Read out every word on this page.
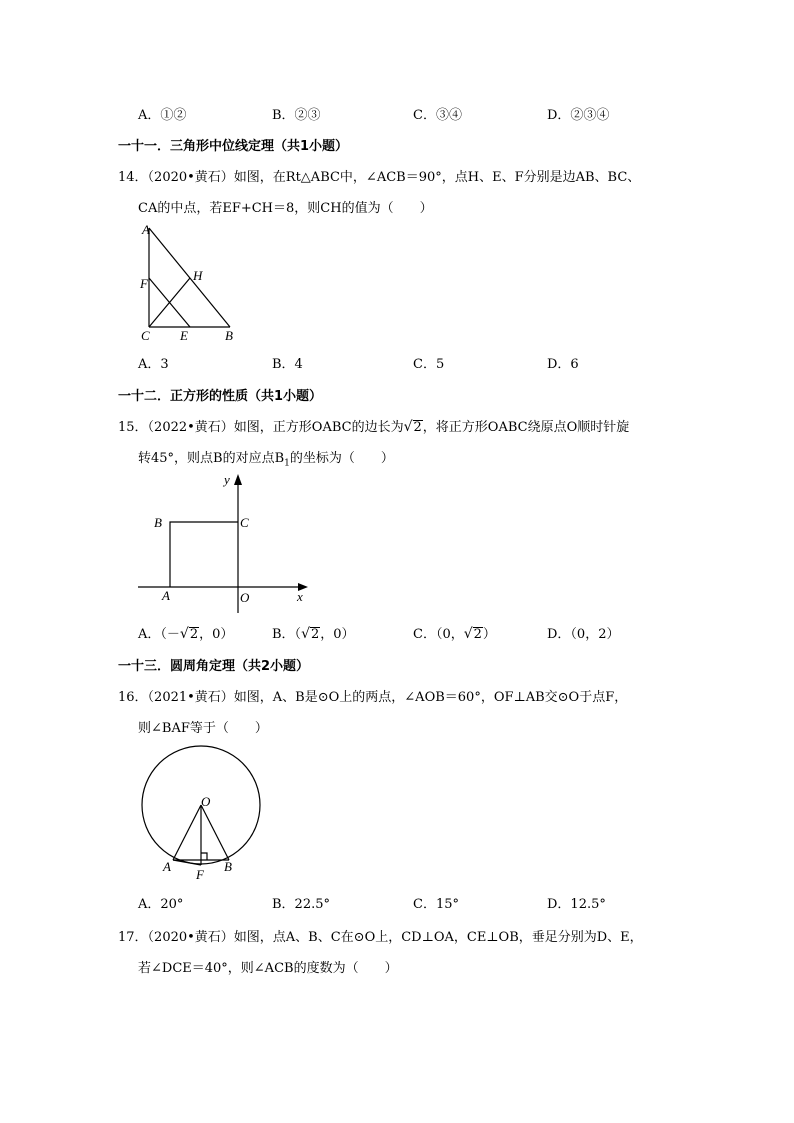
A．①②	B．②③	C．③④	D．②③④
一十一．三角形中位线定理（共1小题）
14．（2020•黄石）如图，在Rt△ABC中，∠ACB＝90°，点H、E、F分别是边AB、BC、
CA的中点，若EF+CH＝8，则CH的值为（　　）
A
F
H
C E	B
A．3	B．4	C．5	D．6
一十二．正方形的性质（共1小题）
15．（2022•黄石）如图，正方形OABC的边长为√2，将正方形OABC绕原点O顺时针旋
转45°，则点B的对应点$B_1$的坐标为（　　）
y
B	C
A	O	x
A．（－√2，0）	B．（√2，0）	C．（0，√2）	D．（0，2）
一十三．圆周角定理（共2小题）
16．（2021•黄石）如图，A、B是⊙O上的两点，∠AOB＝60°，OF⊥AB交⊙O于点F，
则∠BAF等于（　　）
O
A	B
F
A．20°	B．22.5°	C．15°	D．12.5°
17．（2020•黄石）如图，点A、B、C在⊙O上，CD⊥OA，CE⊥OB，垂足分别为D、E，
若∠DCE＝40°，则∠ACB的度数为（　　）
